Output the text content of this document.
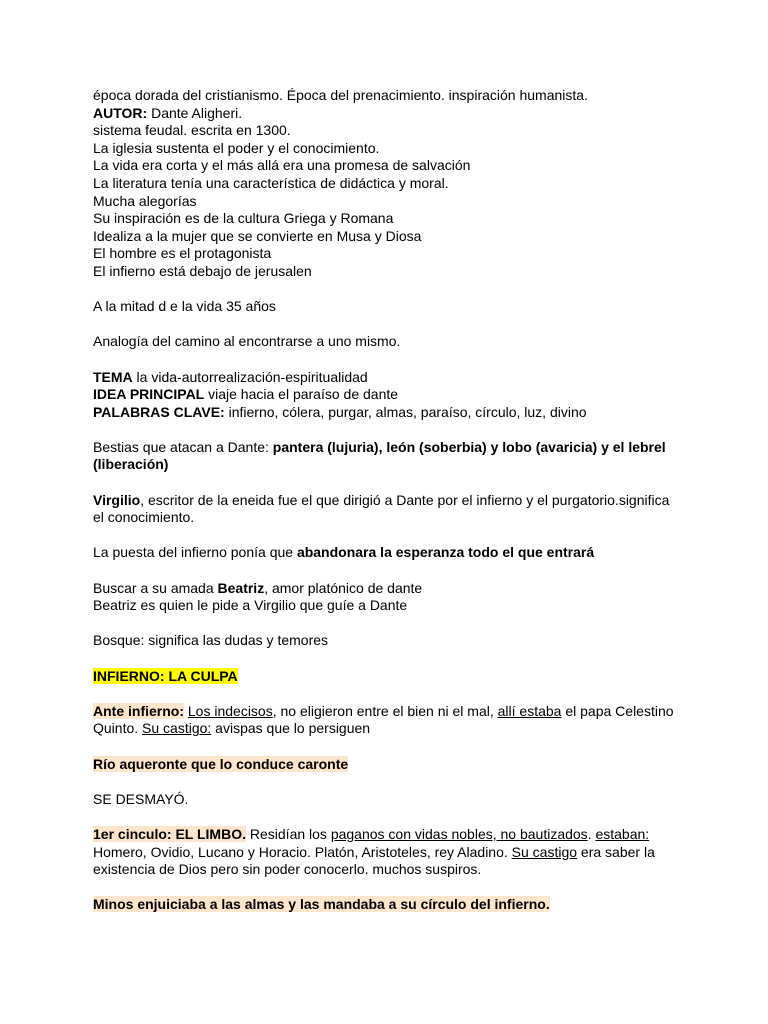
época dorada del cristianismo. Época del prenacimiento. inspiración humanista.
AUTOR: Dante Aligheri.
sistema feudal. escrita en 1300.
La iglesia sustenta el poder y el conocimiento.
La vida era corta y el más allá era una promesa de salvación
La literatura tenía una característica de didáctica y moral.
Mucha alegorías
Su inspiración es de la cultura Griega y Romana
Idealiza a la mujer que se convierte en Musa y Diosa
El hombre es el protagonista
El infierno está debajo de jerusalen
A la mitad d e la vida 35 años
Analogía del camino al encontrarse a uno mismo.
TEMA la vida-autorrealización-espiritualidad
IDEA PRINCIPAL viaje hacia el paraíso de dante
PALABRAS CLAVE: infierno, cólera, purgar, almas, paraíso, círculo, luz, divino
Bestias que atacan a Dante: pantera (lujuria), león (soberbia) y lobo (avaricia) y el lebrel (liberación)
Virgilio, escritor de la eneida fue el que dirigió a Dante por el infierno y el purgatorio.significa el conocimiento.
La puesta del infierno ponía que abandonara la esperanza todo el que entrará
Buscar a su amada Beatriz, amor platónico de dante
Beatriz es quien le pide a Virgilio que guíe a Dante
Bosque: significa las dudas y temores
INFIERNO: LA CULPA
Ante infierno: Los indecisos, no eligieron entre el bien ni el mal, allí estaba el papa Celestino Quinto. Su castigo: avispas que lo persiguen
Río aqueronte que lo conduce caronte
SE DESMAYÓ.
1er cinculo: EL LIMBO. Residían los paganos con vidas nobles, no bautizados. estaban: Homero, Ovidio, Lucano y Horacio. Platón, Aristoteles, rey Aladino. Su castigo era saber la existencia de Dios pero sin poder conocerlo. muchos suspiros.
Minos enjuiciaba a las almas y las mandaba a su círculo del infierno.
